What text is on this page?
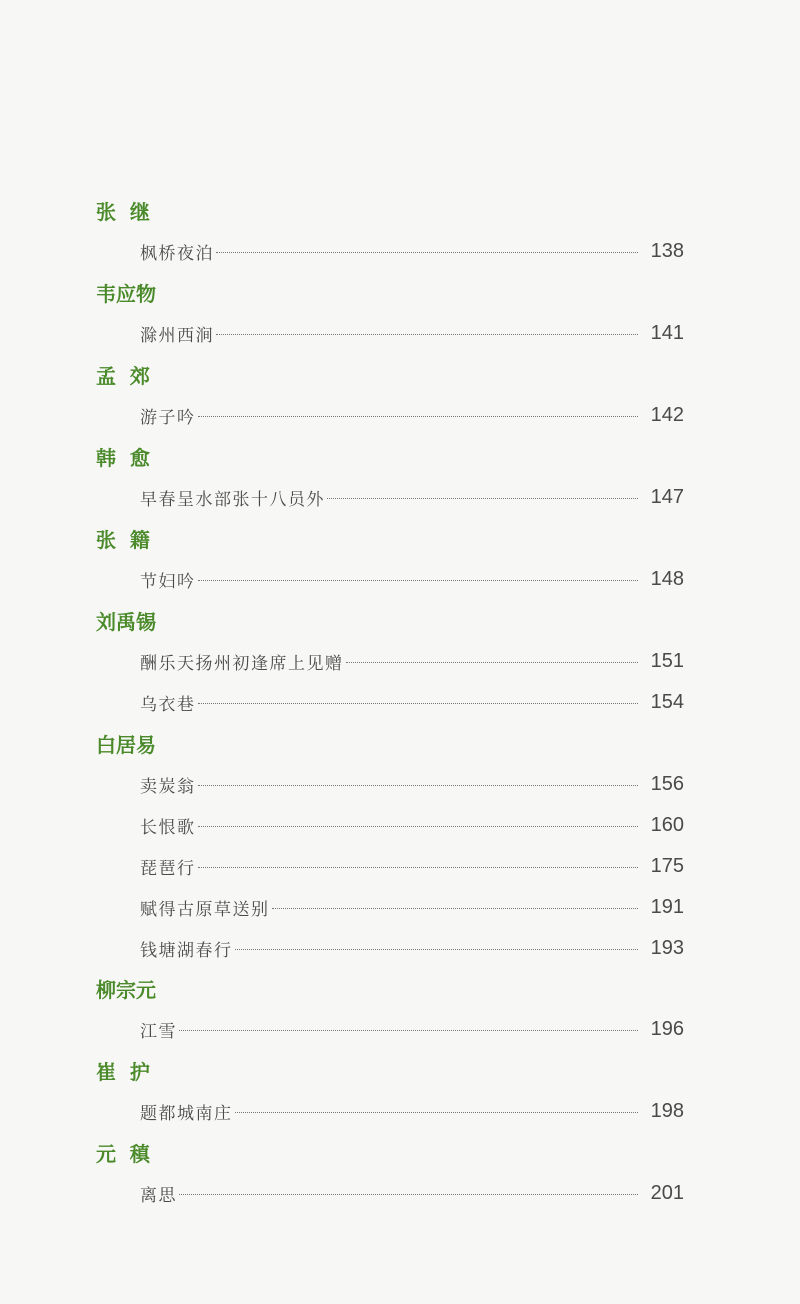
张  继
枫桥夜泊	138
韦应物
滁州西涧	141
孟  郊
游子吟	142
韩  愈
早春呈水部张十八员外	147
张  籍
节妇吟	148
刘禹锡
酬乐天扬州初逢席上见赠	151
乌衣巷	154
白居易
卖炭翁	156
长恨歌	160
琵琶行	175
赋得古原草送别	191
钱塘湖春行	193
柳宗元
江雪	196
崔  护
题都城南庄	198
元  稹
离思	201
